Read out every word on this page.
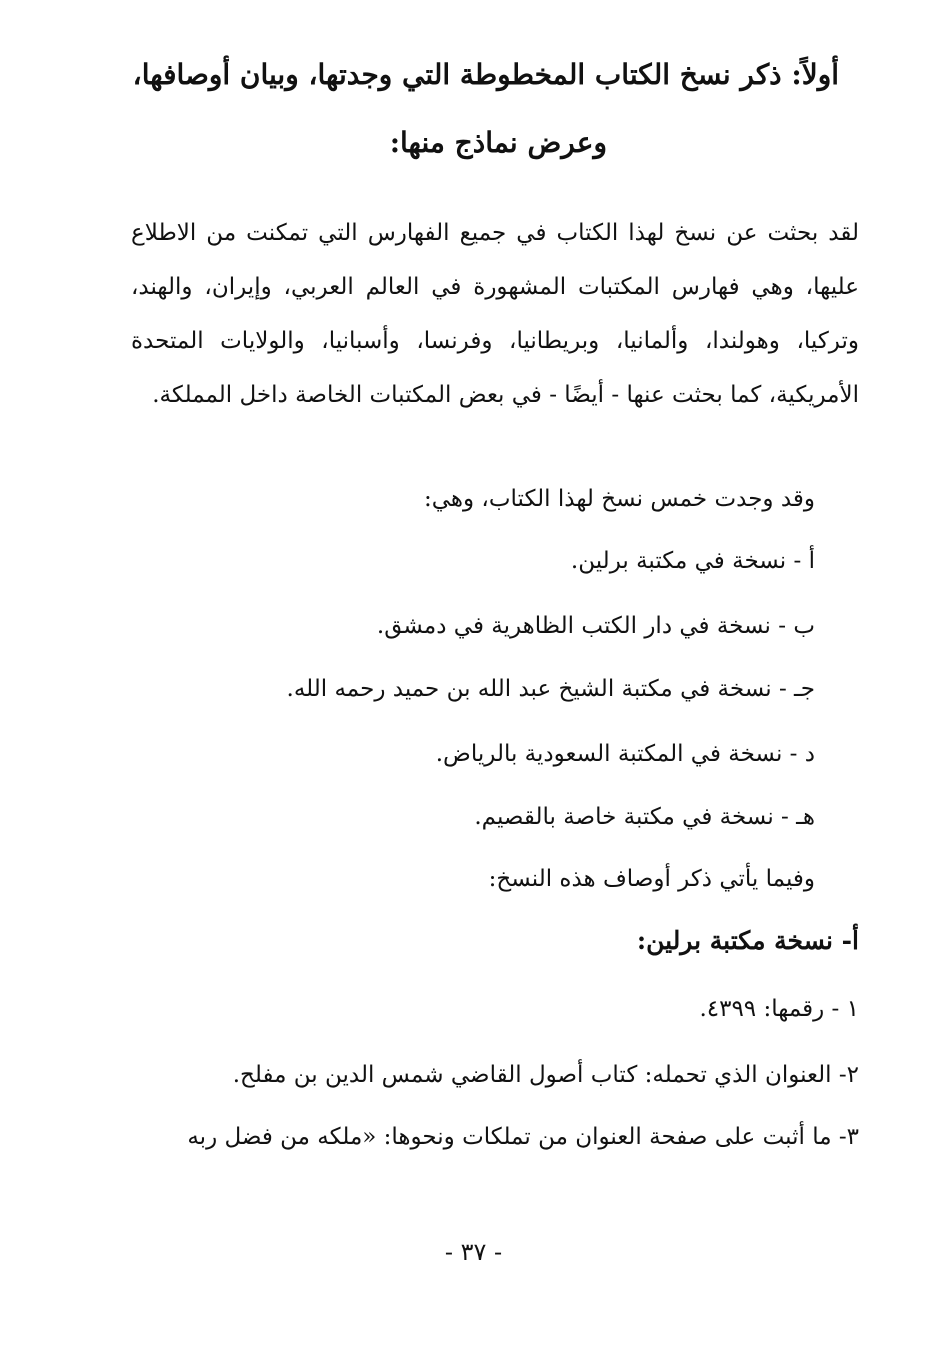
أولاً: ذكر نسخ الكتاب المخطوطة التي وجدتها، وبيان أوصافها،
وعرض نماذج منها:

لقد بحثت عن نسخ لهذا الكتاب في جميع الفهارس التي تمكنت من الاطلاع عليها، وهي فهارس المكتبات المشهورة في العالم العربي، وإيران، والهند، وتركيا، وهولندا، وألمانيا، وبريطانيا، وفرنسا، وأسبانيا، والولايات المتحدة الأمريكية، كما بحثت عنها - أيضًا - في بعض المكتبات الخاصة داخل المملكة.

وقد وجدت خمس نسخ لهذا الكتاب، وهي:
أ - نسخة في مكتبة برلين.
ب - نسخة في دار الكتب الظاهرية في دمشق.
جـ - نسخة في مكتبة الشيخ عبد الله بن حميد رحمه الله.
د - نسخة في المكتبة السعودية بالرياض.
هـ - نسخة في مكتبة خاصة بالقصيم.
وفيما يأتي ذكر أوصاف هذه النسخ:
أ- نسخة مكتبة برلين:
١ - رقمها: ٤٣٩٩.
٢- العنوان الذي تحمله: كتاب أصول القاضي شمس الدين بن مفلح.
٣- ما أثبت على صفحة العنوان من تملكات ونحوها: «ملكه من فضل ربه
- ٣٧ -
